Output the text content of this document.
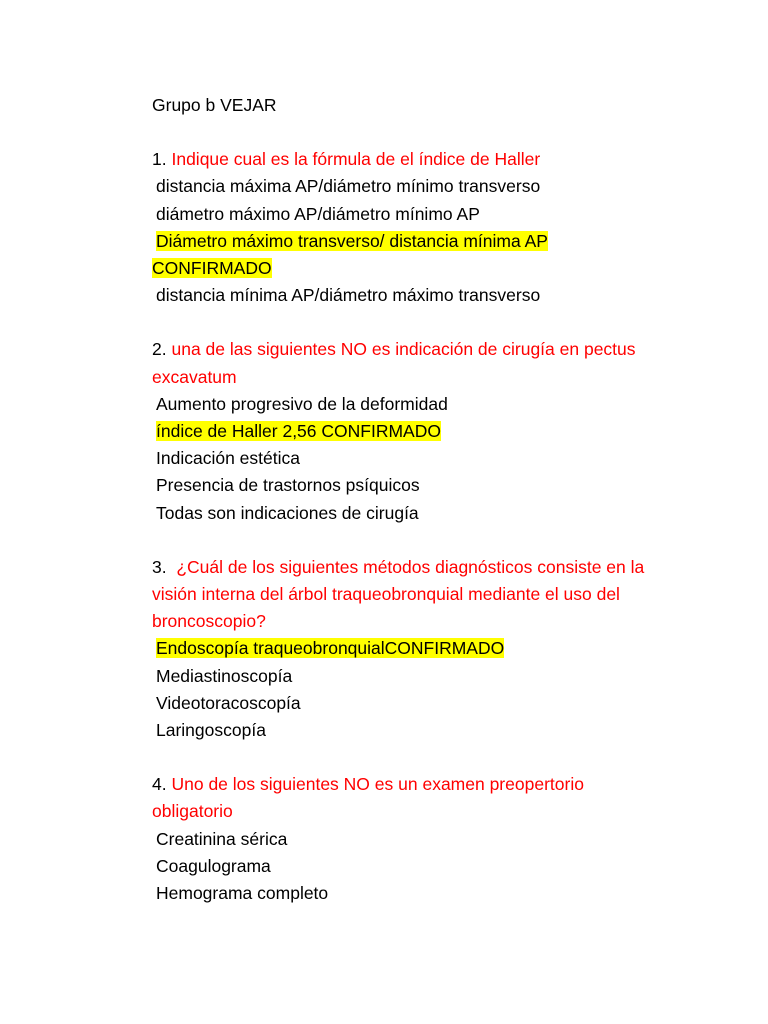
Grupo b VEJAR
1. Indique cual es la fórmula de el índice de Haller
distancia máxima AP/diámetro mínimo transverso
diámetro máximo AP/diámetro mínimo AP
Diámetro máximo transverso/ distancia mínima AP
CONFIRMADO
distancia mínima AP/diámetro máximo transverso
2. una de las siguientes NO es indicación de cirugía en pectus
excavatum
Aumento progresivo de la deformidad
índice de Haller 2,56 CONFIRMADO
Indicación estética
Presencia de trastornos psíquicos
Todas son indicaciones de cirugía
3. ¿Cuál de los siguientes métodos diagnósticos consiste en la
visión interna del árbol traqueobronquial mediante el uso del
broncoscopio?
Endoscopía traqueobronquialCONFIRMADO
Mediastinoscopía
Videotoracoscopía
Laringoscopía
4. Uno de los siguientes NO es un examen preopertorio
obligatorio
Creatinina sérica
Coagulograma
Hemograma completo
